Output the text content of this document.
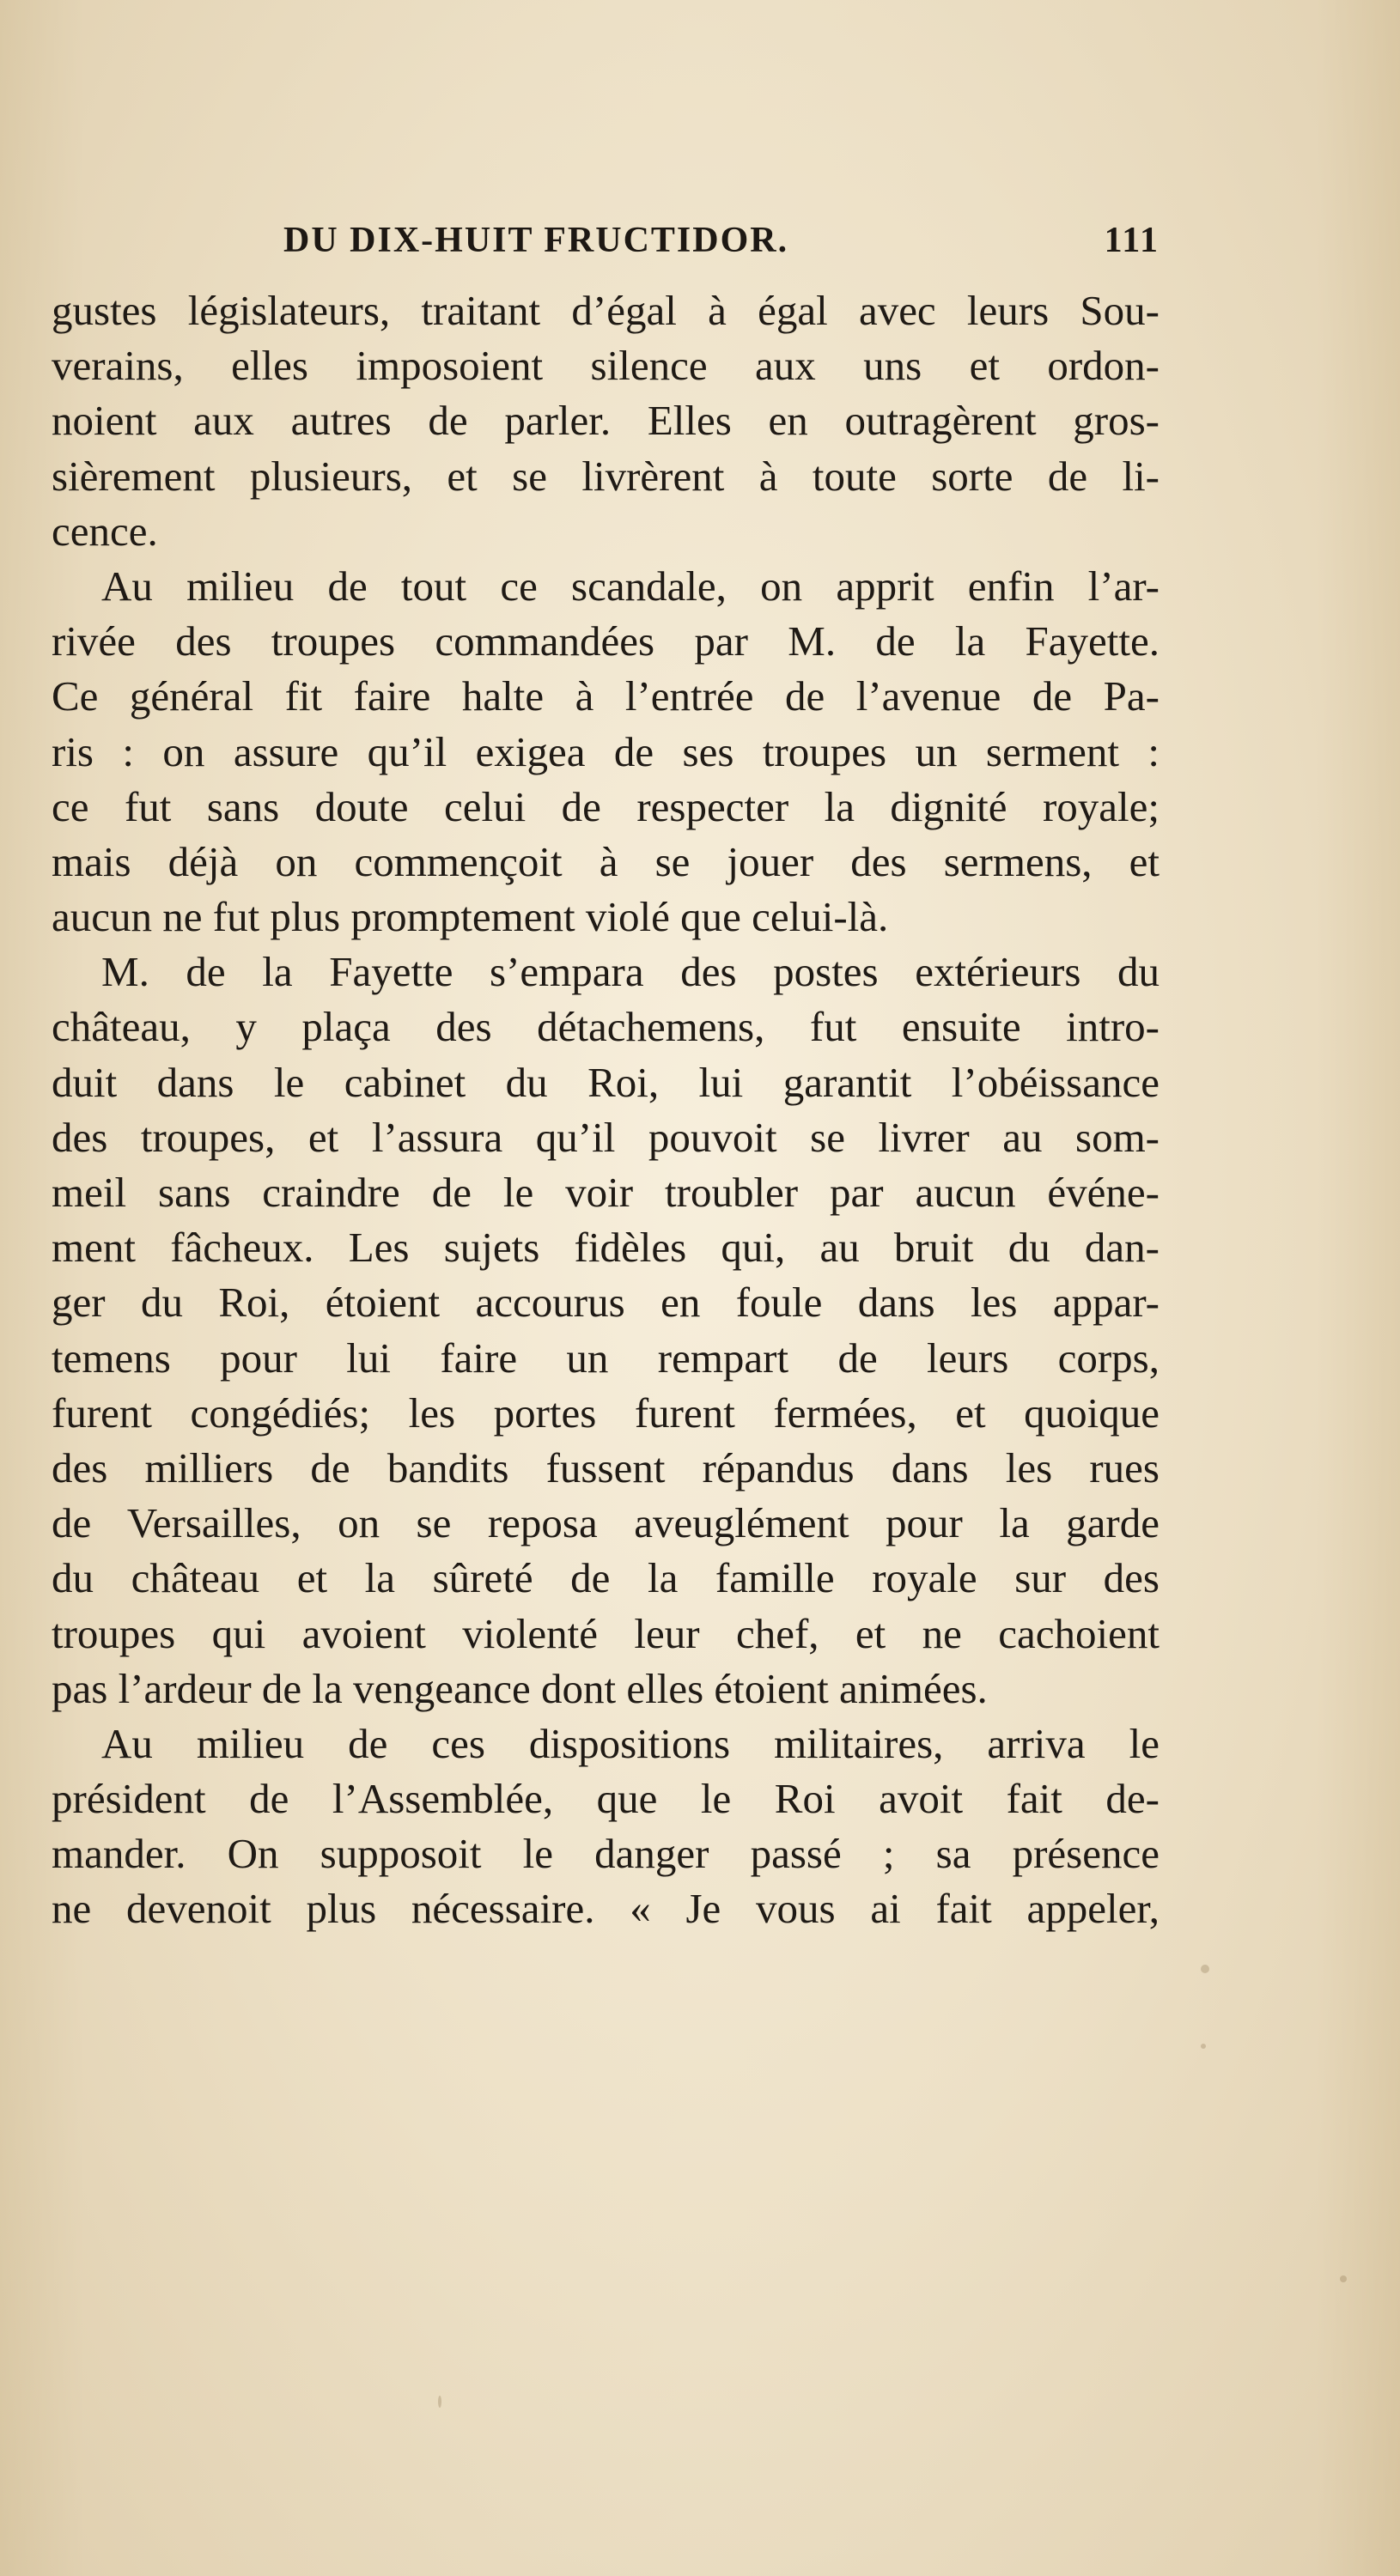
DU DIX-HUIT FRUCTIDOR.	111
gustes législateurs, traitant d’égal à égal avec leurs Sou-
verains, elles imposoient silence aux uns et ordon-
noient aux autres de parler. Elles en outragèrent gros-
sièrement plusieurs, et se livrèrent à toute sorte de li-
cence.
Au milieu de tout ce scandale, on apprit enfin l’ar-
rivée des troupes commandées par M. de la Fayette.
Ce général fit faire halte à l’entrée de l’avenue de Pa-
ris : on assure qu’il exigea de ses troupes un serment :
ce fut sans doute celui de respecter la dignité royale;
mais déjà on commençoit à se jouer des sermens, et
aucun ne fut plus promptement violé que celui-là.
M. de la Fayette s’empara des postes extérieurs du
château, y plaça des détachemens, fut ensuite intro-
duit dans le cabinet du Roi, lui garantit l’obéissance
des troupes, et l’assura qu’il pouvoit se livrer au som-
meil sans craindre de le voir troubler par aucun événe-
ment fâcheux. Les sujets fidèles qui, au bruit du dan-
ger du Roi, étoient accourus en foule dans les appar-
temens pour lui faire un rempart de leurs corps,
furent congédiés; les portes furent fermées, et quoique
des milliers de bandits fussent répandus dans les rues
de Versailles, on se reposa aveuglément pour la garde
du château et la sûreté de la famille royale sur des
troupes qui avoient violenté leur chef, et ne cachoient
pas l’ardeur de la vengeance dont elles étoient animées.
Au milieu de ces dispositions militaires, arriva le
président de l’Assemblée, que le Roi avoit fait de-
mander. On supposoit le danger passé ; sa présence
ne devenoit plus nécessaire. « Je vous ai fait appeler,
